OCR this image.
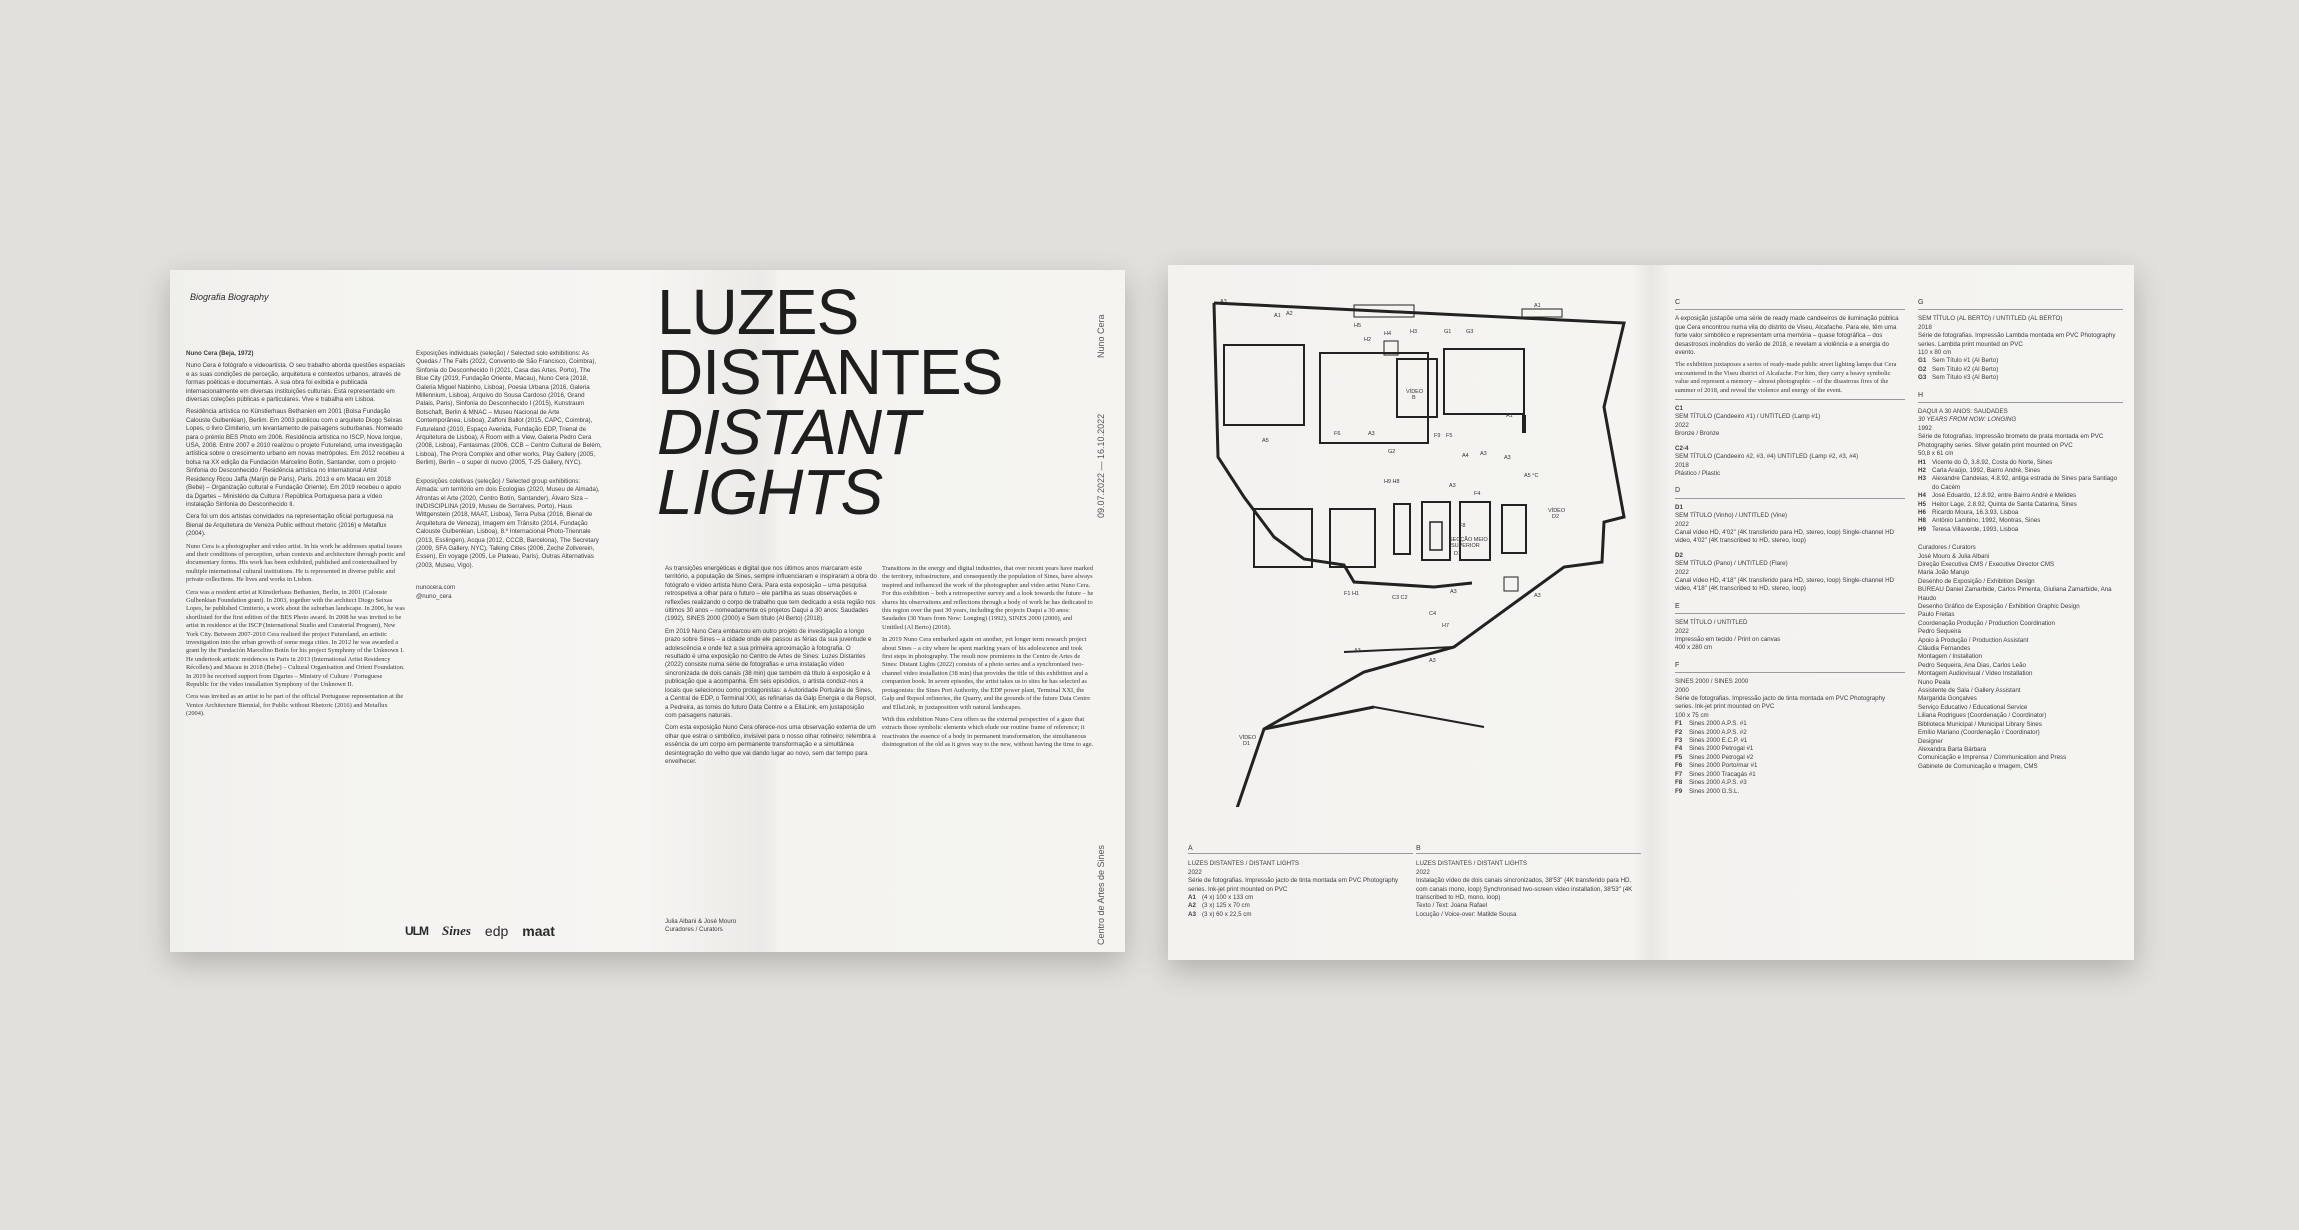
Biografia Biography
Nuno Cera (Beja, 1972)

Nuno Cera é fotógrafo e videoartista. O seu trabalho aborda questões espaciais e as suas condições de perceção, arquitetura e contextos urbanos, através de formas poéticas e documentais. A sua obra foi exibida e publicada internacionalmente em diversas instituições culturais. Está representado em diversas coleções públicas e particulares. Vive e trabalha em Lisboa.

Residência artística no Künstlerhaus Bethanien em 2001 (Bolsa Fundação Calouste Gulbenkian), Berlim. Em 2003 publicou com o arquiteto Diogo Seixas Lopes, o livro Cimiterio, um levantamento de paisagens suburbanas. Nomeado para o prémio BES Photo em 2006. Residência artística no ISCP, Nova Iorque, USA, 2008. Entre 2007 e 2010 realizou o projeto Futureland, uma investigação artística sobre o crescimento urbano em novas metrópoles. Em 2012 recebeu a bolsa na XX edição da Fundación Marcelino Botín, Santander, com o projeto Sinfonia do Desconhecido / Residência artística no International Artist Residency Ricou Jaffa (Marijn de Paris), Paris. 2013 e em Macau em 2018 (Bebe) – Organização cultural e Fundação Oriente). Em 2019 recebeu o apoio da Dgartes – Ministério da Cultura / República Portuguesa para a vídeo instalação Sinfonia do Desconhecido II.

Cera foi um dos artistas convidados na representação oficial portuguesa na Bienal de Arquitetura de Veneza Public without rhetoric (2016) e Metaflux (2004).

Nuno Cera is a photographer and video artist. In his work he addresses spatial issues and their conditions of perception, urban contexts and architecture through poetic and documentary forms. His work has been exhibited, published and contextualised by multiple international cultural institutions. He is represented in diverse public and private collections. He lives and works in Lisbon.

Cera was a resident artist at Künstlerhaus Bethanien, Berlin, in 2001 (Calouste Gulbenkian Foundation grant). In 2003, together with the architect Diogo Seixas Lopes, he published Cimiterio, a work about the suburban landscape. In 2006, he was shortlisted for the first edition of the BES Photo award. In 2008 he was invited to be artist in residence at the ISCP (International Studio and Curatorial Program), New York City. Between 2007-2010 Cera realised the project Futureland, an artistic investigation into the urban growth of some mega cities. In 2012 he was awarded a grant by the Fundación Marcelino Botín for his project Symphony of the Unknown I. He undertook artistic residences in Paris in 2013 (International Artist Residency Récollets) and Macau in 2018 (Bebe) – Cultural Organisation and Orient Foundation. In 2019 he received support from Dgartes – Ministry of Culture / Portuguese Republic for the video installation Symphony of the Unknown II.

Cera was invited as an artist to be part of the official Portuguese representation at the Venice Architecture Biennial, for Public without Rhetoric (2016) and Metaflux (2004).

Exposições individuais (seleção) / Selected solo exhibitions: As Quedas / The Falls (2022, Convento de São Francisco, Coimbra), Sinfonia do Desconhecido II (2021, Casa das Artes, Porto), The Blue City (2019, Fundação Oriente, Macau), Nuno Cera (2018, Galeria Miguel Nabinho, Lisboa), Poesia Urbana (2016, Galeria Millennium, Lisboa), Arquivo do Sousa Cardoso (2016, Grand Palais, Paris), Sinfonia do Desconhecido I (2015), Kunstraum Botschaft, Berlin & MNAC – Museu Nacional de Arte Contemporânea, Lisboa), Zaffoni Ballot (2015, CAPC, Coimbra), Futureland (2010, Espaço Avenida, Fundação EDP, Trienal de Arquitetura de Lisboa), A Room with a View, Galeria Pedro Cera (2008, Lisboa), Fantasmas (2006, CCB – Centro Cultural de Belém, Lisboa), The Prora Complex and other works, Play Gallery (2005, Berlim), Berlin – o super di nuovo (2005, T-25 Gallery, NYC).

Exposições coletivas (seleção) / Selected group exhibitions: Almada: um território em dois Ecologias (2020, Museu de Almada), Afrontas el Arte (2020, Centro Botín, Santander), Álvaro Siza – IN/DISCIPLINA (2019, Museu de Serralves, Porto), Haus Wittgenstein (2018, MAAT, Lisboa), Terra Pulsa (2016, Bienal de Arquitetura de Veneza), Imagem em Trânsito (2014, Fundação Calouste Gulbenkian, Lisboa), 8.º Internacional Photo-Triennale (2013, Esslingen), Acqua (2012, CCCB, Barcelona), The Secretary (2009, SFA Gallery, NYC), Talking Cities (2006, Zeche Zollverein, Essen), En voyage (2005, Le Plateau, Paris), Outras Alternativas (2003, Museu, Vigo).

nunocera.com
@nuno_cera
LUZES
DISTANTES
DISTANT
LIGHTS
Nuno Cera
09.07.2022 — 16.10.2022
Centro de Artes de Sines

As transições energéticas e digital que nos últimos anos marcaram este território, a população de Sines, sempre influenciaram e inspiraram a obra do fotógrafo e vídeo artista Nuno Cera. Para esta exposição – uma pesquisa retrospetiva a olhar para o futuro – ele partilha as suas observações e reflexões realizando o corpo de trabalho que tem dedicado a esta região nos últimos 30 anos – nomeadamente os projetos Daqui a 30 anos: Saudades (1992), SINES 2000 (2000) e Sem título (Al Berto) (2018).

Em 2019 Nuno Cera embarcou em outro projeto de investigação a longo prazo sobre Sines – a cidade onde ele passou as férias da sua juventude e adolescência e onde fez a sua primeira aproximação à fotografia. O resultado é uma exposição no Centro de Artes de Sines: Luzes Distantes (2022) consiste numa série de fotografias e uma instalação vídeo sincronizada de dois canais (38 min) que também dá título à exposição e à publicação que a acompanha. Em seis episódios, o artista conduz-nos a locais que selecionou como protagonistas: a Autoridade Portuária de Sines, a Central de EDP, o Terminal XXI, as refinarias da Galp Energia e da Repsol, a Pedreira, as torres do futuro Data Centre e a EllaLink, em justaposição com paisagens naturais.

Com esta exposição Nuno Cera oferece-nos uma observação externa de um olhar que estrai o simbólico, invisível para o nosso olhar rotineiro; relembra a essência de um corpo em permanente transformação e a simultânea desintegração do velho que vai dando lugar ao novo, sem dar tempo para envelhecer.

Transitions in the energy and digital industries, that over recent years have marked the territory, infrastructure, and consequently the population of Sines, have always inspired and influenced the work of the photographer and video artist Nuno Cera. For this exhibition – both a retrospective survey and a look towards the future – he shares his observations and reflections through a body of work he has dedicated to this region over the past 30 years, including the projects Daqui a 30 anos: Saudades (30 Years from Now: Longing) (1992), SINES 2000 (2000), and Untitled (Al Berto) (2018).

In 2019 Nuno Cera embarked again on another, yet longer term research project about Sines – a city where he spent marking years of his adolescence and took first steps in photography. The result now premieres in the Centro de Artes de Sines: Distant Lights (2022) consists of a photo series and a synchronised two-channel video installation (38 min) that provides the title of this exhibition and a companion book. In seven episodes, the artist takes us to sites he has selected as protagonists: the Sines Port Authority, the EDP power plant, Terminal XXI, the Galp and Repsol refineries, the Quarry, and the grounds of the future Data Centre and EllaLink, in juxtaposition with natural landscapes.

With this exhibition Nuno Cera offers us the external perspective of a gaze that extracts those symbolic elements which elude our routine frame of reference; it reactivates the essence of a body in permanent transformation, the simultaneous disintegration of the old as it gives way to the new, without having the time to age.

Julia Albani & José Mouro
Curadores / Curators
ULM Sines edp maat
A3
A1 A2
H5
H2
H4	H3	G1	G3
A1
VÍDEO
B
A1
A5
F6	A3	F9 F5
G2
A4 A3
A3
A5 °C
H9 H8
A3
F4
F8
VÍDEO
D2
SECÇÃO MEIO
SUPERIOR
D1
F1 H1
C3 C2
A3
A3
C4
H7
A3
A3
VÍDEO
D1
A
LUZES DISTANTES / DISTANT LIGHTS
2022
Série de fotografias. Impressão jacto de tinta montada em PVC Photography series. Ink-jet print mounted on PVC
A1 (4 x) 100 x 133 cm
A2 (3 x) 125 x 70 cm
A3 (3 x) 60 x 22,5 cm
B
LUZES DISTANTES / DISTANT LIGHTS
2022
Instalação vídeo de dois canais sincronizados, 38'53" (4K transferido para HD, com canais mono, loop) Synchronised two-screen video installation, 38'53" (4K transcribed to HD, mono, loop)
Texto / Text: Joana Rafael
Locução / Voice-over: Matilde Sousa
C

A exposição justapõe uma série de ready made candeeiros de iluminação pública que Cera encontrou numa vila do distrito de Viseu, Alcafache. Para ele, têm uma forte valor simbólico e representam uma memória – quase fotográfica – dos desastrosos incêndios do verão de 2018, e revelam a violência e a energia do evento.

The exhibition juxtaposes a series of ready-made public street lighting lamps that Cera encountered in the Viseu district of Alcafache. For him, they carry a heavy symbolic value and represent a memory – almost photographic – of the disastrous fires of the summer of 2018, and reveal the violence and energy of the event.

C1
SEM TÍTULO (Candeeiro #1) / UNTITLED (Lamp #1)
2022
Bronze / Bronze
C2-4
SEM TÍTULO (Candeeiro #2, #3, #4) UNTITLED (Lamp #2, #3, #4)
2018
Plástico / Plastic
D
D1
SEM TÍTULO (Vinho) / UNTITLED (Vine)
2022
Canal vídeo HD, 4'02" (4K transferido para HD, stereo, loop) Single-channel HD video, 4'02" (4K transcribed to HD, stereo, loop)
D2
SEM TÍTULO (Pano) / UNTITLED (Flare)
2022
Canal vídeo HD, 4'18" (4K transferido para HD, stereo, loop) Single-channel HD video, 4'18" (4K transcribed to HD, stereo, loop)
E
SEM TÍTULO / UNTITLED
2022
Impressão em tecido / Print on canvas
400 x 280 cm
F
SINES 2000 / SINES 2000
2000
Série de fotografias. Impressão jacto de tinta montada em PVC Photography series. Ink-jet print mounted on PVC
100 x 75 cm
F1	Sines 2000 A.P.S. #1
F2	Sines 2000 A.P.S. #2
F3	Sines 2000 E.C.P. #1
F4	Sines 2000 Petrogal #1
F5	Sines 2000 Petrogal #2
F6	Sines 2000 Porto/mar #1
F7	Sines 2000 Tracagás #1
F8	Sines 2000 A.P.S. #3
F9	Sines 2000 G.S.L.
G
SEM TÍTULO (AL BERTO) / UNTITLED (AL BERTO)
2018
Série de fotografias. Impressão Lambda montada em PVC Photography series. Lambda print mounted on PVC
110 x 80 cm
G1 Sem Título #1 (Al Berto)
G2 Sem Título #2 (Al Berto)
G3 Sem Título #3 (Al Berto)
H
DAQUI A 30 ANOS: SAUDADES
30 YEARS FROM NOW: LONGING
1992
Série de fotografias. Impressão brometo de prata montada em PVC Photography series. Silver gelatin print mounted on PVC
50,8 x 61 cm
H1 Vicente do Ó, 3.8.92, Costa do Norte, Sines
H2 Carla Araújo, 1992, Bairro André, Sines
H3 Alexandre Candeias, 4.8.92, antiga estrada de Sines para Santiago do Cacém
H4 José Eduardo, 12.8.92, entre Bairro André e Melides
H5 Heitor Lage, 2.8.92, Quinta de Santa Catarina, Sines
H6 Ricardo Moura, 16.3.93, Lisboa
H8 António Lambino, 1992, Montras, Sines
H9 Teresa Villaverde, 1993, Lisboa
Curadores / Curators
José Mouro & Julia Albani
Direção Executiva CMS / Executive Director CMS
Maria João Marujo
Desenho de Exposição / Exhibition Design
BUREAU Daniel Zamarbide, Carlos Pimenta, Giuliana Zamarbide, Ana Haudo
Desenho Gráfico de Exposição / Exhibition Graphic Design
Paulo Freitas
Coordenação Produção / Production Coordination
Pedro Sequeira
Apoio à Produção / Production Assistant
Cláudia Fernandes
Montagem / Installation
Pedro Sequeira, Ana Dias, Carlos Leão
Montagem Audiovisual / Video Installation
Nuno Peala
Assistente de Sala / Gallery Assistant
Margarida Gonçalves
Serviço Educativo / Educational Service
Liliana Rodrigues (Coordenação / Coordinator)
Biblioteca Municipal / Municipal Library Sines
Emílio Mariano (Coordenação / Coordinator)
Designer
Alexandra Barta Bárbara
Comunicação e Imprensa / Communication and Press
Gabinete de Comunicação e Imagem, CMS
